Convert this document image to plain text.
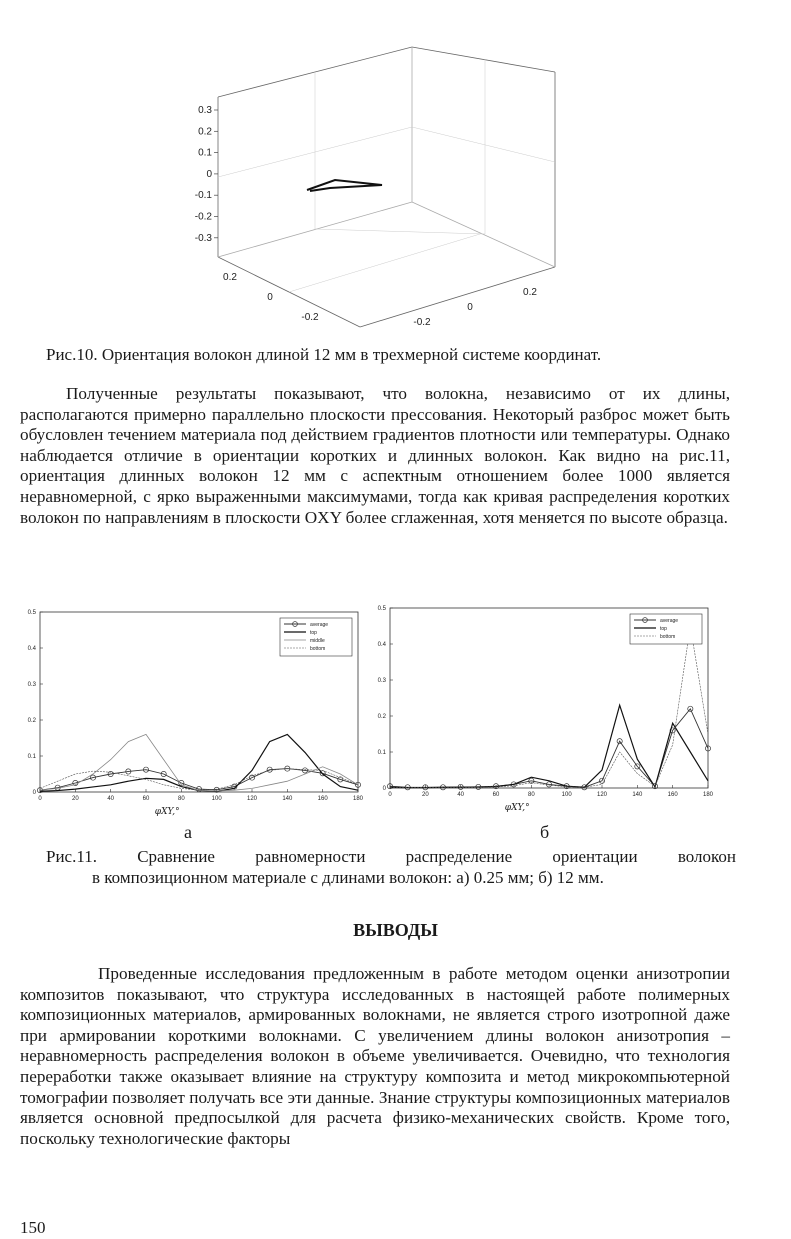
0.3
0.2
0.1
0
-0.1
-0.2
-0.3
0.2
0
-0.2
0.2
0
-0.2
Рис.10. Ориентация волокон длиной 12 мм в трехмерной системе координат.

Полученные результаты показывают, что волокна, независимо от их длины, располагаются примерно параллельно плоскости прессования. Некоторый разброс может быть обусловлен течением материала под действием градиентов плотности или температуры. Однако наблюдается отличие в ориентации коротких и длинных волокон. Как видно на рис.11, ориентация длинных волокон 12 мм с аспектным отношением более 1000 является неравномерной, с ярко выраженными максимумами, тогда как кривая распределения коротких волокон по направлениям в плоскости OXY более сглаженная, хотя меняется по высоте образца.

0
0.1
0.2
0.3
0.4
0.5
0	20	40	60	80	100	120	140	160	180
φXY,°
average
top
middle
bottom
0
0.1
0.2
0.3
0.4
0.5
0	20	40	60	80	100	120	140	160	180
φXY,°
average
top
bottom
а	б
Рис.11. Сравнение равномерности распределение ориентации волокон
в композиционном материале с длинами волокон: а) 0.25 мм; б) 12 мм.
ВЫВОДЫ

Проведенные исследования предложенным в работе методом оценки анизотропии композитов показывают, что структура исследованных в настоящей работе полимерных композиционных материалов, армированных волокнами, не является строго изотропной даже при армировании короткими волокнами. С увеличением длины волокон анизотропия – неравномерность распределения волокон в объеме увеличивается. Очевидно, что технология переработки также оказывает влияние на структуру композита и метод микрокомпьютерной томографии позволяет получать все эти данные. Знание структуры композиционных материалов является основной предпосылкой для расчета физико-механических свойств. Кроме того, поскольку технологические факторы

150
